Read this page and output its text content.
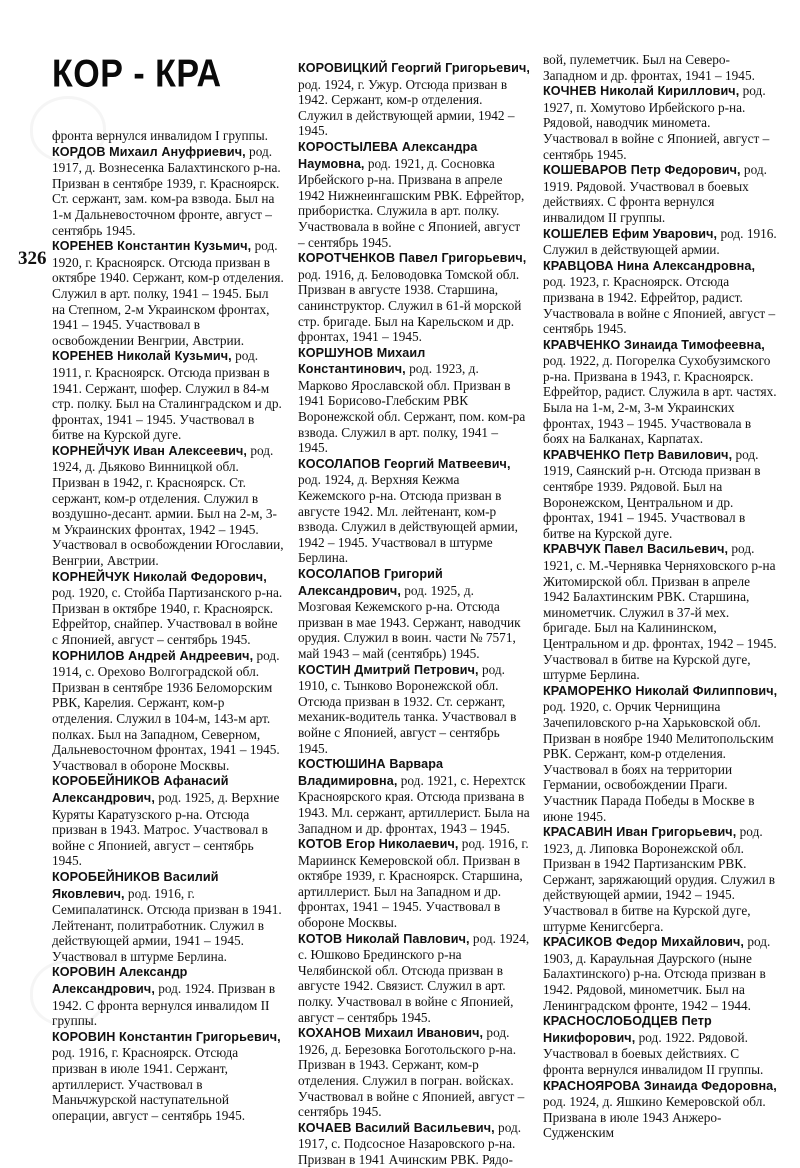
КОР - КРА
326

фронта вернулся инвалидом I группы.

КОРДОВ Михаил Ануфриевич, род. 1917, д. Вознесенка Балахтинского р-на. Призван в сентябре 1939, г. Красноярск. Ст. сержант, зам. ком-ра взвода. Был на 1-м Дальневосточном фронте, август – сентябрь 1945.

КОРЕНЕВ Константин Кузьмич, род. 1920, г. Красноярск. Отсюда призван в октябре 1940. Сержант, ком-р отделения. Служил в арт. полку, 1941 – 1945. Был на Степном, 2-м Украинском фронтах, 1941 – 1945. Участвовал в освобождении Венгрии, Австрии.

КОРЕНЕВ Николай Кузьмич, род. 1911, г. Красноярск. Отсюда призван в 1941. Сержант, шофер. Служил в 84-м стр. полку. Был на Сталинградском и др. фронтах, 1941 – 1945. Участвовал в битве на Курской дуге.

КОРНЕЙЧУК Иван Алексеевич, род. 1924, д. Дьяково Винницкой обл. Призван в 1942, г. Красноярск. Ст. сержант, ком-р отделения. Служил в воздушно-десант. армии. Был на 2-м, 3-м Украинских фронтах, 1942 – 1945. Участвовал в освобождении Югославии, Венгрии, Австрии.

КОРНЕЙЧУК Николай Федорович, род. 1920, с. Стойба Партизанского р-на. Призван в октябре 1940, г. Красноярск. Ефрейтор, снайпер. Участвовал в войне с Японией, август – сентябрь 1945.

КОРНИЛОВ Андрей Андреевич, род. 1914, с. Орехово Волгоградской обл. Призван в сентябре 1936 Беломорским РВК, Карелия. Сержант, ком-р отделения. Служил в 104-м, 143-м арт. полках. Был на Западном, Северном, Дальневосточном фронтах, 1941 – 1945. Участвовал в обороне Москвы.

КОРОБЕЙНИКОВ Афанасий Александрович, род. 1925, д. Верхние Куряты Каратузского р-на. Отсюда призван в 1943. Матрос. Участвовал в войне с Японией, август – сентябрь 1945.

КОРОБЕЙНИКОВ Василий Яковлевич, род. 1916, г. Семипалатинск. Отсюда призван в 1941. Лейтенант, политработник. Служил в действующей армии, 1941 – 1945. Участвовал в штурме Берлина.

КОРОВИН Александр Александрович, род. 1924. Призван в 1942. С фронта вернулся инвалидом II группы.

КОРОВИН Константин Григорьевич, род. 1916, г. Красноярск. Отсюда призван в июле 1941. Сержант, артиллерист. Участвовал в Маньчжурской наступательной операции, август – сентябрь 1945.

КОРОВИЦКИЙ Георгий Григорьевич, род. 1924, г. Ужур. Отсюда призван в 1942. Сержант, ком-р отделения. Служил в действующей армии, 1942 – 1945.

КОРОСТЫЛЕВА Александра Наумовна, род. 1921, д. Сосновка Ирбейского р-на. Призвана в апреле 1942 Нижнеингашским РВК. Ефрейтор, прибористка. Служила в арт. полку. Участвовала в войне с Японией, август – сентябрь 1945.

КОРОТЧЕНКОВ Павел Григорьевич, род. 1916, д. Беловодовка Томской обл. Призван в августе 1938. Старшина, санинструктор. Служил в 61-й морской стр. бригаде. Был на Карельском и др. фронтах, 1941 – 1945.

КОРШУНОВ Михаил Константинович, род. 1923, д. Марково Ярославской обл. Призван в 1941 Борисово-Глебским РВК Воронежской обл. Сержант, пом. ком-ра взвода. Служил в арт. полку, 1941 – 1945.

КОСОЛАПОВ Георгий Матвеевич, род. 1924, д. Верхняя Кежма Кежемского р-на. Отсюда призван в августе 1942. Мл. лейтенант, ком-р взвода. Служил в действующей армии, 1942 – 1945. Участвовал в штурме Берлина.

КОСОЛАПОВ Григорий Александрович, род. 1925, д. Мозговая Кежемского р-на. Отсюда призван в мае 1943. Сержант, наводчик орудия. Служил в воин. части № 7571, май 1943 – май (сентябрь) 1945.

КОСТИН Дмитрий Петрович, род. 1910, с. Тынково Воронежской обл. Отсюда призван в 1932. Ст. сержант, механик-водитель танка. Участвовал в войне с Японией, август – сентябрь 1945.

КОСТЮШИНА Варвара Владимировна, род. 1921, с. Нерехтск Красноярского края. Отсюда призвана в 1943. Мл. сержант, артиллерист. Была на Западном и др. фронтах, 1943 – 1945.

КОТОВ Егор Николаевич, род. 1916, г. Мариинск Кемеровской обл. Призван в октябре 1939, г. Красноярск. Старшина, артиллерист. Был на Западном и др. фронтах, 1941 – 1945. Участвовал в обороне Москвы.

КОТОВ Николай Павлович, род. 1924, с. Юшково Брединского р-на Челябинской обл. Отсюда призван в августе 1942. Связист. Служил в арт. полку. Участвовал в войне с Японией, август – сентябрь 1945.

КОХАНОВ Михаил Иванович, род. 1926, д. Березовка Боготольского р-на. Призван в 1943. Сержант, ком-р отделения. Служил в погран. войсках. Участвовал в войне с Японией, август – сентябрь 1945.

КОЧАЕВ Василий Васильевич, род. 1917, с. Подсосное Назаровского р-на. Призван в 1941 Ачинским РВК. Рядо-

вой, пулеметчик. Был на Северо-Западном и др. фронтах, 1941 – 1945.

КОЧНЕВ Николай Кириллович, род. 1927, п. Хомутово Ирбейского р-на. Рядовой, наводчик миномета. Участвовал в войне с Японией, август – сентябрь 1945.

КОШЕВАРОВ Петр Федорович, род. 1919. Рядовой. Участвовал в боевых действиях. С фронта вернулся инвалидом II группы.

КОШЕЛЕВ Ефим Уварович, род. 1916. Служил в действующей армии.

КРАВЦОВА Нина Александровна, род. 1923, г. Красноярск. Отсюда призвана в 1942. Ефрейтор, радист. Участвовала в войне с Японией, август – сентябрь 1945.

КРАВЧЕНКО Зинаида Тимофеевна, род. 1922, д. Погорелка Сухобузимского р-на. Призвана в 1943, г. Красноярск. Ефрейтор, радист. Служила в арт. частях. Была на 1-м, 2-м, 3-м Украинских фронтах, 1943 – 1945. Участвовала в боях на Балканах, Карпатах.

КРАВЧЕНКО Петр Вавилович, род. 1919, Саянский р-н. Отсюда призван в сентябре 1939. Рядовой. Был на Воронежском, Центральном и др. фронтах, 1941 – 1945. Участвовал в битве на Курской дуге.

КРАВЧУК Павел Васильевич, род. 1921, с. М.-Чернявка Черняховского р-на Житомирской обл. Призван в апреле 1942 Балахтинским РВК. Старшина, минометчик. Служил в 37-й мех. бригаде. Был на Калининском, Центральном и др. фронтах, 1942 – 1945. Участвовал в битве на Курской дуге, штурме Берлина.

КРАМОРЕНКО Николай Филиппович, род. 1920, с. Орчик Чернищина Зачепиловского р-на Харьковской обл. Призван в ноябре 1940 Мелитопольским РВК. Сержант, ком-р отделения. Участвовал в боях на территории Германии, освобождении Праги. Участник Парада Победы в Москве в июне 1945.

КРАСАВИН Иван Григорьевич, род. 1923, д. Липовка Воронежской обл. Призван в 1942 Партизанским РВК. Сержант, заряжающий орудия. Служил в действующей армии, 1942 – 1945. Участвовал в битве на Курской дуге, штурме Кенигсберга.

КРАСИКОВ Федор Михайлович, род. 1903, д. Караульная Даурского (ныне Балахтинского) р-на. Отсюда призван в 1942. Рядовой, минометчик. Был на Ленинградском фронте, 1942 – 1944.

КРАСНОСЛОБОДЦЕВ Петр Никифорович, род. 1922. Рядовой. Участвовал в боевых действиях. С фронта вернулся инвалидом II группы.

КРАСНОЯРОВА Зинаида Федоровна, род. 1924, д. Яшкино Кемеровской обл. Призвана в июле 1943 Анжеро-Судженским
